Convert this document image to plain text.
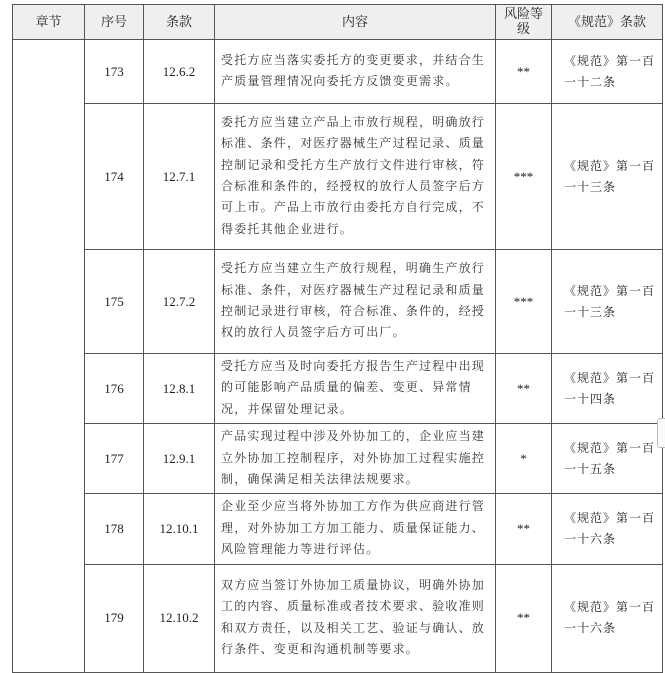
章节	序号	条款	内容	风险等级	《规范》条款
	173	12.6.2	受托方应当落实委托方的变更要求，并结合生产质量管理情况向委托方反馈变更需求。	**	《规范》第一百一十二条
	174	12.7.1	委托方应当建立产品上市放行规程，明确放行标准、条件，对医疗器械生产过程记录、质量控制记录和受托方生产放行文件进行审核，符合标准和条件的，经授权的放行人员签字后方可上市。产品上市放行由委托方自行完成，不得委托其他企业进行。	***	《规范》第一百一十三条
	175	12.7.2	受托方应当建立生产放行规程，明确生产放行标准、条件，对医疗器械生产过程记录和质量控制记录进行审核，符合标准、条件的，经授权的放行人员签字后方可出厂。	***	《规范》第一百一十三条
	176	12.8.1	受托方应当及时向委托方报告生产过程中出现的可能影响产品质量的偏差、变更、异常情况，并保留处理记录。	**	《规范》第一百一十四条
	177	12.9.1	产品实现过程中涉及外协加工的，企业应当建立外协加工控制程序，对外协加工过程实施控制，确保满足相关法律法规要求。	*	《规范》第一百一十五条
	178	12.10.1	企业至少应当将外协加工方作为供应商进行管理，对外协加工方加工能力、质量保证能力、风险管理能力等进行评估。	**	《规范》第一百一十六条
	179	12.10.2	双方应当签订外协加工质量协议，明确外协加工的内容、质量标准或者技术要求、验收准则和双方责任，以及相关工艺、验证与确认、放行条件、变更和沟通机制等要求。	**	《规范》第一百一十六条
